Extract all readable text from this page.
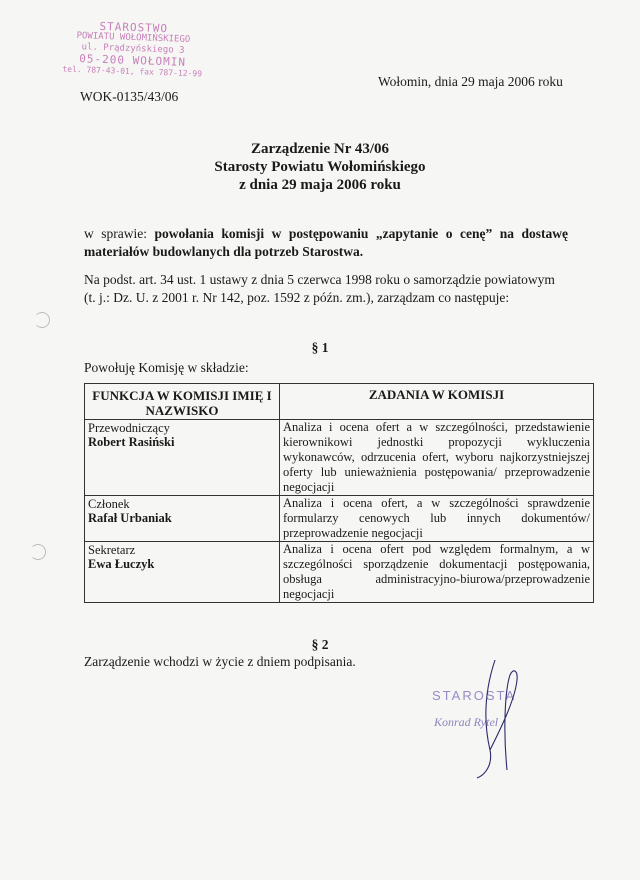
STAROSTWO
POWIATU WOŁOMIŃSKIEGO
ul. Prądzyńskiego 3
05-200 WOŁOMIN
tel. 787-43-01, fax 787-12-99
WOK-0135/43/06
Wołomin, dnia 29 maja 2006 roku
Zarządzenie Nr 43/06
Starosty Powiatu Wołomińskiego
z dnia 29 maja 2006 roku
w sprawie: powołania komisji w postępowaniu „zapytanie o cenę” na dostawę materiałów budowlanych dla potrzeb Starostwa.
Na podst. art. 34 ust. 1 ustawy z dnia 5 czerwca 1998 roku o samorządzie powiatowym (t. j.: Dz. U. z 2001 r. Nr 142, poz. 1592 z późn. zm.), zarządzam co następuje:
§ 1
Powołuję Komisję w składzie:
FUNKCJA W KOMISJI IMIĘ I NAZWISKO	ZADANIA W KOMISJI

Przewodniczący
Robert Rasiński	Analiza i ocena ofert a w szczególności, przedstawienie kierownikowi jednostki propozycji wykluczenia wykonawców, odrzucenia ofert, wyboru najkorzystniejszej oferty lub unieważnienia postępowania/ przeprowadzenie negocjacji

Członek
Rafał Urbaniak	Analiza i ocena ofert, a w szczególności sprawdzenie formularzy cenowych lub innych dokumentów/ przeprowadzenie negocjacji

Sekretarz
Ewa Łuczyk	Analiza i ocena ofert pod względem formalnym, a w szczególności sporządzenie dokumentacji postępowania, obsługa administracyjno-biurowa/przeprowadzenie negocjacji
§ 2
Zarządzenie wchodzi w życie z dniem podpisania.
STAROSTA
Konrad Rytel
